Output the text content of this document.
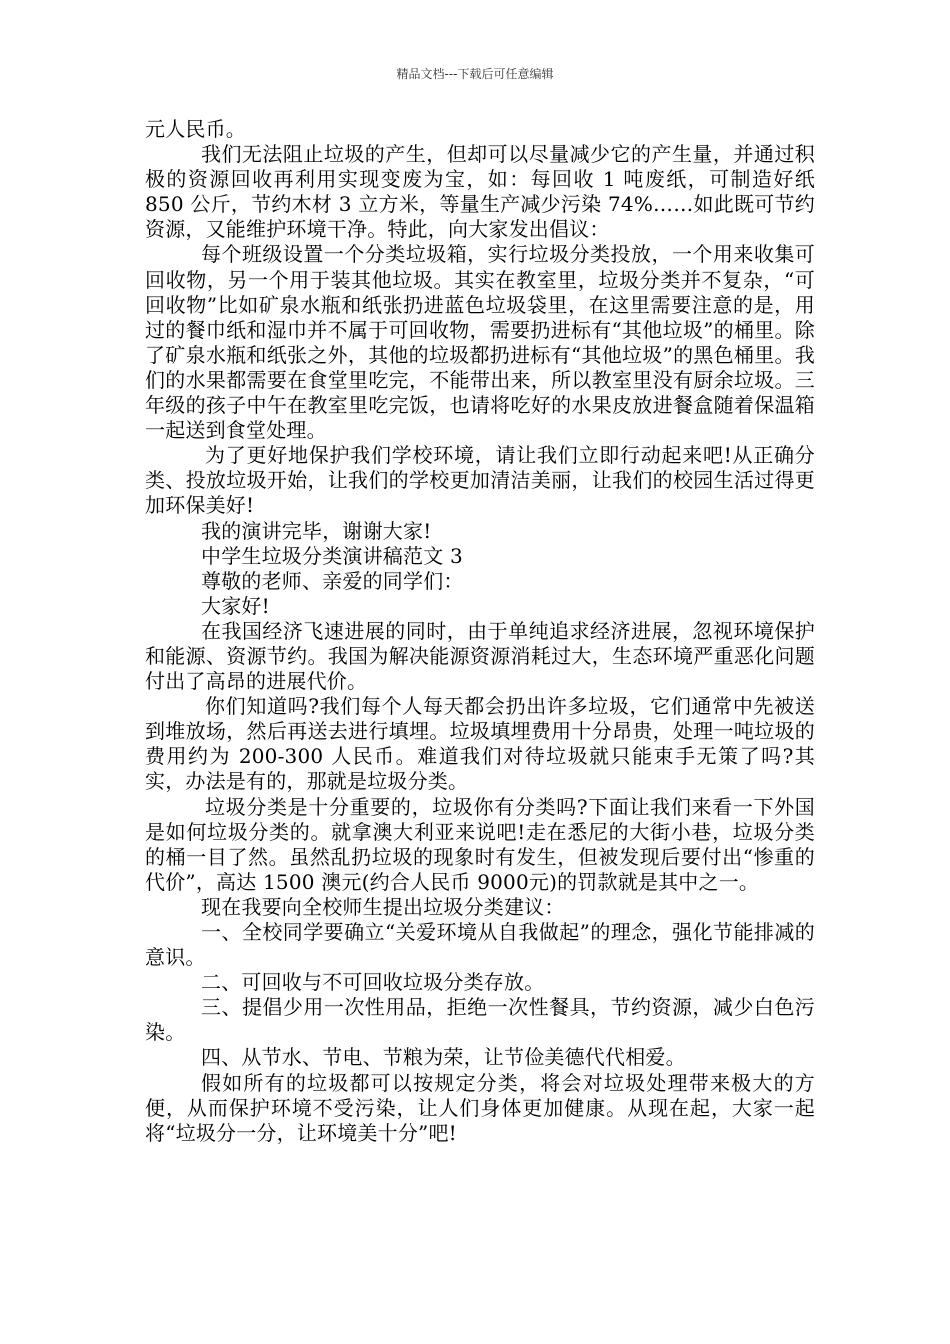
精品文档---下载后可任意编辑

元人民币。

我们无法阻止垃圾的产生，但却可以尽量减少它的产生量，并通过积极的资源回收再利用实现变废为宝，如：每回收 1 吨废纸，可制造好纸 850 公斤，节约木材 3 立方米，等量生产减少污染 74%……如此既可节约资源，又能维护环境干净。特此，向大家发出倡议：

每个班级设置一个分类垃圾箱，实行垃圾分类投放，一个用来收集可回收物，另一个用于装其他垃圾。其实在教室里，垃圾分类并不复杂，“可回收物”比如矿泉水瓶和纸张扔进蓝色垃圾袋里，在这里需要注意的是，用过的餐巾纸和湿巾并不属于可回收物，需要扔进标有“其他垃圾”的桶里。除了矿泉水瓶和纸张之外，其他的垃圾都扔进标有“其他垃圾”的黑色桶里。我们的水果都需要在食堂里吃完，不能带出来，所以教室里没有厨余垃圾。三年级的孩子中午在教室里吃完饭，也请将吃好的水果皮放进餐盒随着保温箱一起送到食堂处理。

为了更好地保护我们学校环境，请让我们立即行动起来吧!从正确分类、投放垃圾开始，让我们的学校更加清洁美丽，让我们的校园生活过得更加环保美好!

我的演讲完毕，谢谢大家!

中学生垃圾分类演讲稿范文 3

尊敬的老师、亲爱的同学们：

大家好!

在我国经济飞速进展的同时，由于单纯追求经济进展，忽视环境保护和能源、资源节约。我国为解决能源资源消耗过大，生态环境严重恶化问题付出了高昂的进展代价。

你们知道吗?我们每个人每天都会扔出许多垃圾，它们通常中先被送到堆放场，然后再送去进行填埋。垃圾填埋费用十分昂贵，处理一吨垃圾的费用约为 200-300 人民币。难道我们对待垃圾就只能束手无策了吗?其实，办法是有的，那就是垃圾分类。

垃圾分类是十分重要的，垃圾你有分类吗?下面让我们来看一下外国是如何垃圾分类的。就拿澳大利亚来说吧!走在悉尼的大街小巷，垃圾分类的桶一目了然。虽然乱扔垃圾的现象时有发生，但被发现后要付出“惨重的代价”，高达 1500 澳元(约合人民币 9000元)的罚款就是其中之一。

现在我要向全校师生提出垃圾分类建议：

一、全校同学要确立“关爱环境从自我做起”的理念，强化节能排减的意识。

二、可回收与不可回收垃圾分类存放。

三、提倡少用一次性用品，拒绝一次性餐具，节约资源，减少白色污染。

四、从节水、节电、节粮为荣，让节俭美德代代相爱。

假如所有的垃圾都可以按规定分类，将会对垃圾处理带来极大的方便，从而保护环境不受污染，让人们身体更加健康。从现在起，大家一起将“垃圾分一分，让环境美十分”吧!
